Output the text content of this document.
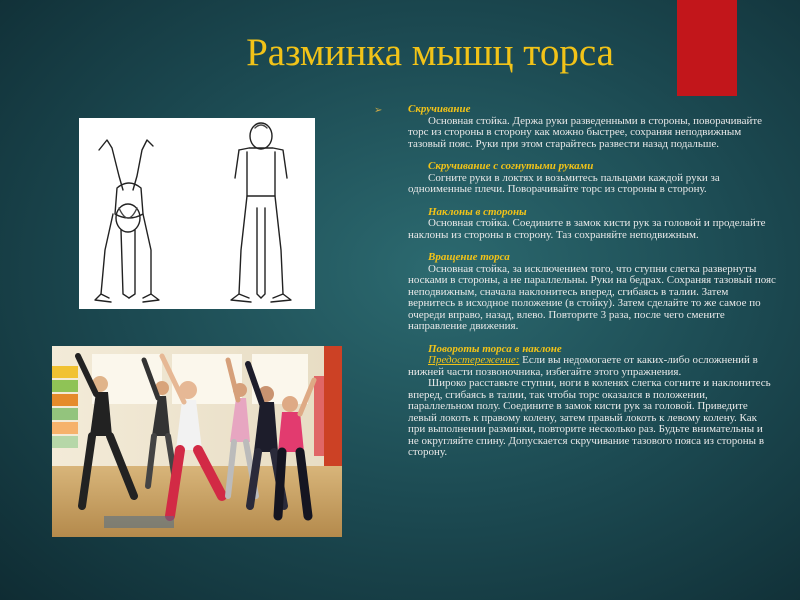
Разминка мышц торса
➢ Скручивание
Основная стойка. Держа руки разведенными в стороны, поворачивайте торс из стороны в сторону как можно быстрее, сохраняя неподвижным тазовый пояс. Руки при этом старайтесь развести назад подальше.
Скручивание с согнутыми руками
Согните руки в локтях и возьмитесь пальцами каждой руки за одноименные плечи. Поворачивайте торс из стороны в сторону.
Наклоны в стороны
Основная стойка. Соедините в замок кисти рук за головой и проделайте наклоны из стороны в сторону. Таз сохраняйте неподвижным.
Вращение торса
Основная стойка, за исключением того, что ступни слегка развернуты носками в стороны, а не параллельны. Руки на бедрах. Сохраняя тазовый пояс неподвижным, сначала наклонитесь вперед, сгибаясь в талии. Затем вернитесь в исходное положение (в стойку). Затем сделайте то же самое по очереди вправо, назад, влево. Повторите 3 раза, после чего смените направление движения.
Повороты торса в наклоне
Предостережение: Если вы недомогаете от каких-либо осложнений в нижней части позвоночника, избегайте этого упражнения.
Широко расставьте ступни, ноги в коленях слегка согните и наклонитесь вперед, сгибаясь в талии, так чтобы торс оказался в положении, параллельном полу. Соедините в замок кисти рук за головой. Приведите левый локоть к правому колену, затем правый локоть к левому колену. Как при выполнении разминки, повторите несколько раз. Будьте внимательны и не округляйте спину. Допускается скручивание тазового пояса из стороны в сторону.
